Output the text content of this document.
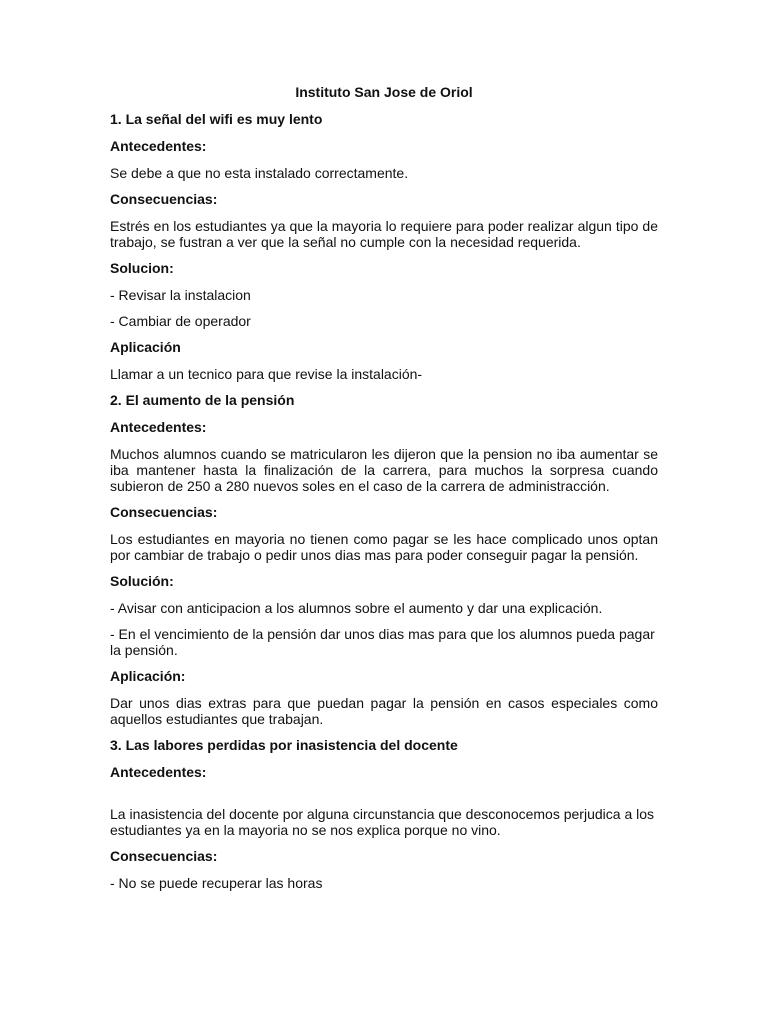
Instituto San Jose de Oriol
1. La señal del wifi es muy lento
Antecedentes:
Se debe a que no esta instalado correctamente.
Consecuencias:
Estrés en los estudiantes ya que la mayoria lo requiere para poder realizar algun tipo de trabajo, se fustran a ver que la señal no cumple con la necesidad requerida.
Solucion:
- Revisar la instalacion
- Cambiar de operador
Aplicación
Llamar a un tecnico para que revise la instalación-
2. El aumento de la pensión
Antecedentes:
Muchos alumnos cuando se matricularon les dijeron que la pension no iba aumentar se iba mantener hasta la finalización de la carrera, para muchos la sorpresa cuando subieron de 250 a 280 nuevos soles en el caso de la carrera de administracción.
Consecuencias:
Los estudiantes en mayoria no tienen como pagar se les hace complicado unos optan por cambiar de trabajo o pedir unos dias mas para poder conseguir pagar la pensión.
Solución:
- Avisar con anticipacion a los alumnos sobre el aumento y dar una explicación.
- En el vencimiento de la pensión dar unos dias mas para que los alumnos pueda pagar la pensión.
Aplicación:
Dar unos dias extras para que puedan pagar la pensión en casos especiales como aquellos estudiantes que trabajan.
3. Las labores perdidas por inasistencia del docente
Antecedentes:
La inasistencia del docente por alguna circunstancia que desconocemos perjudica a los estudiantes ya en la mayoria no se nos explica porque no vino.
Consecuencias:
- No se puede recuperar las horas
